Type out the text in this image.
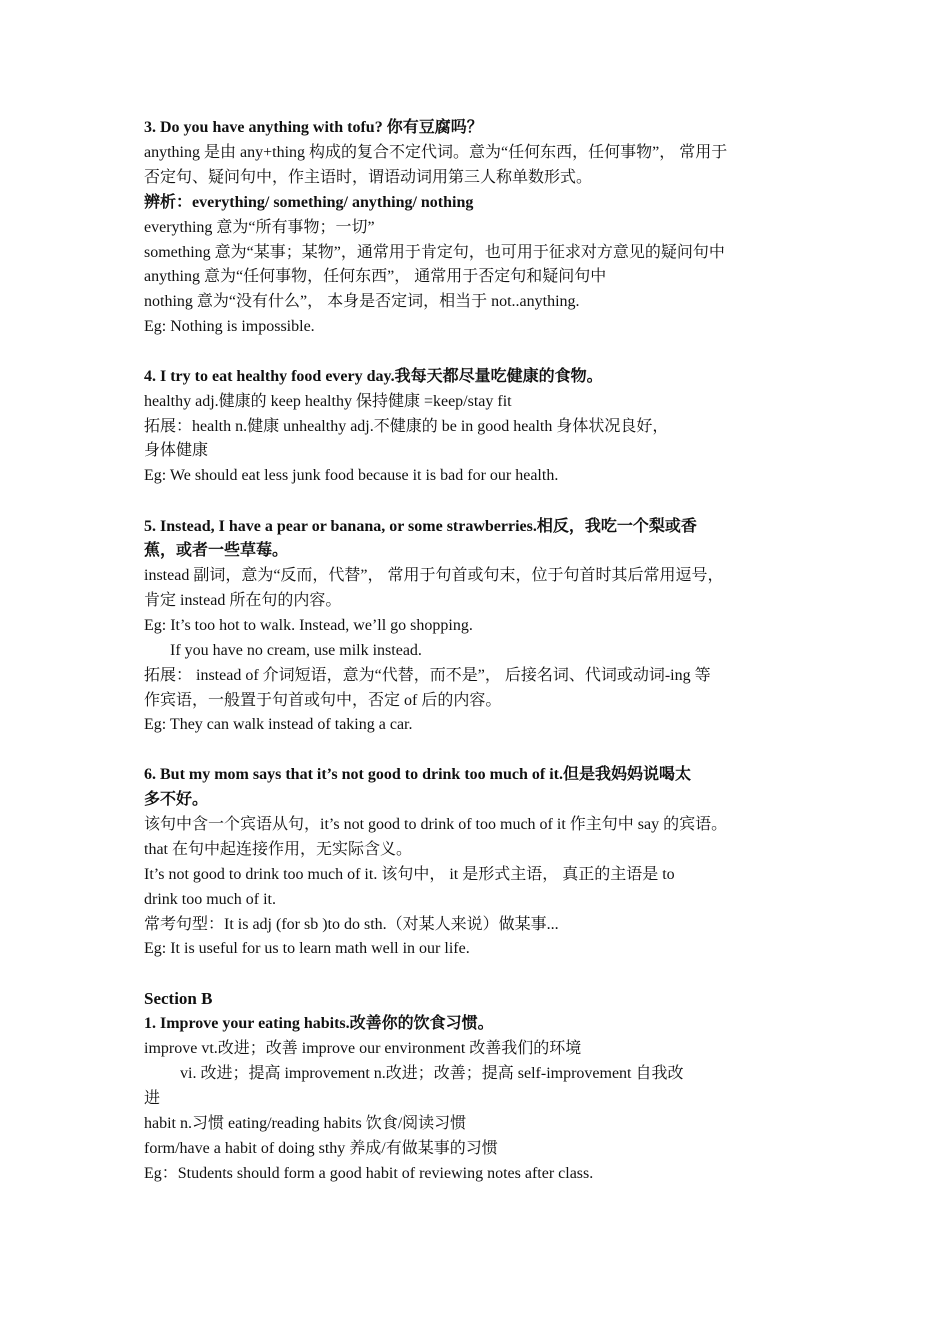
3. Do you have anything with tofu? 你有豆腐吗？
anything 是由 any+thing 构成的复合不定代词。意为“任何东西，任何事物”， 常用于
否定句、疑问句中，作主语时，谓语动词用第三人称单数形式。
辨析：everything/ something/ anything/ nothing
everything 意为“所有事物；一切”
something 意为“某事；某物”，通常用于肯定句，也可用于征求对方意见的疑问句中
anything 意为“任何事物，任何东西”， 通常用于否定句和疑问句中
nothing 意为“没有什么”， 本身是否定词，相当于 not..anything.
Eg: Nothing is impossible.
4. I try to eat healthy food every day.我每天都尽量吃健康的食物。
healthy adj.健康的 keep healthy 保持健康 =keep/stay fit
拓展：health n.健康 unhealthy adj.不健康的 be in good health 身体状况良好，
身体健康
Eg: We should eat less junk food because it is bad for our health.
5. Instead, I have a pear or banana, or some strawberries.相反，我吃一个梨或香
蕉，或者一些草莓。
instead 副词，意为“反而，代替”， 常用于句首或句末，位于句首时其后常用逗号，
肯定 instead 所在句的内容。
Eg: It’s too hot to walk. Instead, we’ll go shopping.
If you have no cream, use milk instead.
拓展： instead of 介词短语，意为“代替，而不是”， 后接名词、代词或动词-ing 等
作宾语，一般置于句首或句中，否定 of 后的内容。
Eg: They can walk instead of taking a car.
6. But my mom says that it’s not good to drink too much of it.但是我妈妈说喝太
多不好。
该句中含一个宾语从句，it’s not good to drink of too much of it 作主句中 say 的宾语。
that 在句中起连接作用，无实际含义。
It’s not good to drink too much of it. 该句中， it 是形式主语， 真正的主语是 to
drink too much of it.
常考句型：It is adj (for sb )to do sth.（对某人来说）做某事...
Eg: It is useful for us to learn math well in our life.
Section B
1. Improve your eating habits.改善你的饮食习惯。
improve vt.改进；改善 improve our environment 改善我们的环境
vi. 改进；提高 improvement n.改进；改善；提高 self-improvement 自我改
进
habit n.习惯 eating/reading habits 饮食/阅读习惯
form/have a habit of doing sthy 养成/有做某事的习惯
Eg：Students should form a good habit of reviewing notes after class.
